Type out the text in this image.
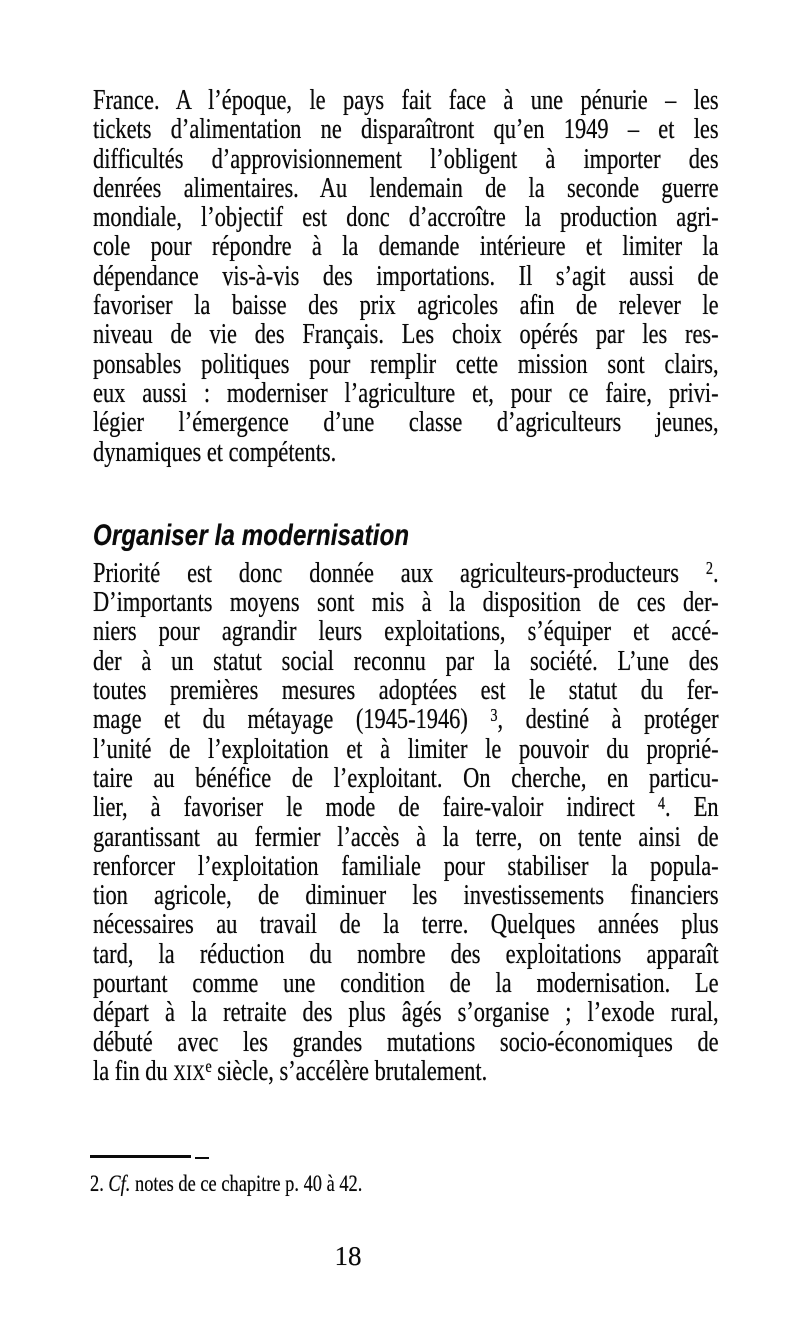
France. A l’époque, le pays fait face à une pénurie – les
tickets d’alimentation ne disparaîtront qu’en 1949 – et les
difficultés d’approvisionnement l’obligent à importer des
denrées alimentaires. Au lendemain de la seconde guerre
mondiale, l’objectif est donc d’accroître la production agri-
cole pour répondre à la demande intérieure et limiter la
dépendance vis-à-vis des importations. Il s’agit aussi de
favoriser la baisse des prix agricoles afin de relever le
niveau de vie des Français. Les choix opérés par les res-
ponsables politiques pour remplir cette mission sont clairs,
eux aussi : moderniser l’agriculture et, pour ce faire, privi-
légier l’émergence d’une classe d’agriculteurs jeunes,
dynamiques et compétents.
Organiser la modernisation
Priorité est donc donnée aux agriculteurs-producteurs $^2$.
D’importants moyens sont mis à la disposition de ces der-
niers pour agrandir leurs exploitations, s’équiper et accé-
der à un statut social reconnu par la société. L’une des
toutes premières mesures adoptées est le statut du fer-
mage et du métayage (1945-1946) $^3$, destiné à protéger
l’unité de l’exploitation et à limiter le pouvoir du proprié-
taire au bénéfice de l’exploitant. On cherche, en particu-
lier, à favoriser le mode de faire-valoir indirect $^4$. En
garantissant au fermier l’accès à la terre, on tente ainsi de
renforcer l’exploitation familiale pour stabiliser la popula-
tion agricole, de diminuer les investissements financiers
nécessaires au travail de la terre. Quelques années plus
tard, la réduction du nombre des exploitations apparaît
pourtant comme une condition de la modernisation. Le
départ à la retraite des plus âgés s’organise ; l’exode rural,
débuté avec les grandes mutations socio-économiques de
la fin du XIXe siècle, s’accélère brutalement.
2. Cf. notes de ce chapitre p. 40 à 42.
18
